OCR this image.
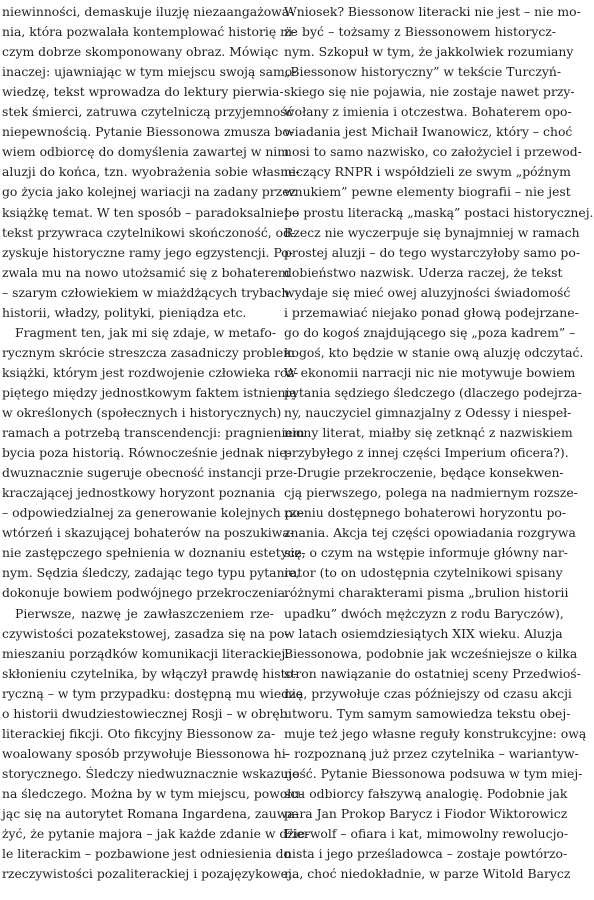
niewinności, demaskuje iluzję niezaangażowa-
nia, która pozwalała kontemplować historię ni-
czym dobrze skomponowany obraz. Mówiąc
inaczej: ujawniając w tym miejscu swoją samo-
wiedzę, tekst wprowadza do lektury pierwia-
stek śmierci, zatruwa czytelniczą przyjemność
niepewnością. Pytanie Biessonowa zmusza bo-
wiem odbiorcę do domyślenia zawartej w nim
aluzji do końca, tzn. wyobrażenia sobie własne-
go życia jako kolejnej wariacji na zadany przez
książkę temat. W ten sposób – paradoksalnie! –
tekst przywraca czytelnikowi skończoność, od-
zyskuje historyczne ramy jego egzystencji. Po-
zwala mu na nowo utożsamić się z bohaterem
– szarym człowiekiem w miażdżących trybach
historii, władzy, polityki, pieniądza etc.
Fragment ten, jak mi się zdaje, w metafo-
rycznym skrócie streszcza zasadniczy problem
książki, którym jest rozdwojenie człowieka roz-
piętego między jednostkowym faktem istnienia
w określonych (społecznych i historycznych)
ramach a potrzebą transcendencji: pragnieniem
bycia poza historią. Równocześnie jednak nie-
dwuznacznie sugeruje obecność instancji prze-
kraczającej jednostkowy horyzont poznania
– odpowiedzialnej za generowanie kolejnych po-
wtórzeń i skazującej bohaterów na poszukiwa-
nie zastępczego spełnienia w doznaniu estetycz-
nym. Sędzia śledczy, zadając tego typu pytanie,
dokonuje bowiem podwójnego przekroczenia.
Pierwsze, nazwę je zawłaszczeniem rze-
czywistości pozatekstowej, zasadza się na po-
mieszaniu porządków komunikacji literackiej:
skłonieniu czytelnika, by włączył prawdę histo-
ryczną – w tym przypadku: dostępną mu wiedzę
o historii dwudziestowiecznej Rosji – w obręb
literackiej fikcji. Oto fikcyjny Biessonow za-
woalowany sposób przywołuje Biessonowa hi-
storycznego. Śledczy niedwuznacznie wskazuje
na śledczego. Można by w tym miejscu, powołu-
jąc się na autorytet Romana Ingardena, zauwa-
żyć, że pytanie majora – jak każde zdanie w dzie-
le literackim – pozbawione jest odniesienia do
rzeczywistości pozaliterackiej i pozajęzykowej.
Wniosek? Biessonow literacki nie jest – nie mo-
że być – tożsamy z Biessonowem historycz-
nym. Szkopuł w tym, że jakkolwiek rozumiany
„Biessonow historyczny” w tekście Turczyń-
skiego się nie pojawia, nie zostaje nawet przy-
wołany z imienia i otczestwa. Bohaterem opo-
wiadania jest Michaił Iwanowicz, który – choć
nosi to samo nazwisko, co założyciel i przewod-
niczący RNPR i współdzieli ze swym „późnym
wnukiem” pewne elementy biografii – nie jest
po prostu literacką „maską” postaci historycznej.
Rzecz nie wyczerpuje się bynajmniej w ramach
prostej aluzji – do tego wystarczyłoby samo po-
dobieństwo nazwisk. Uderza raczej, że tekst
wydaje się mieć owej aluzyjności świadomość
i przemawiać niejako ponad głową podejrzane-
go do kogoś znajdującego się „poza kadrem” –
kogoś, kto będzie w stanie ową aluzję odczytać.
W ekonomii narracji nic nie motywuje bowiem
pytania sędziego śledczego (dlaczego podejrza-
ny, nauczyciel gimnazjalny z Odessy i niespeł-
niony literat, miałby się zetknąć z nazwiskiem
przybyłego z innej części Imperium oficera?).
Drugie przekroczenie, będące konsekwen-
cją pierwszego, polega na nadmiernym rozsze-
rzeniu dostępnego bohaterowi horyzontu po-
znania. Akcja tej części opowiadania rozgrywa
się, o czym na wstępie informuje główny nar-
rator (to on udostępnia czytelnikowi spisany
różnymi charakterami pisma „brulion historii
upadku” dwóch mężczyzn z rodu Baryczów),
w latach osiemdziesiątych XIX wieku. Aluzja
Biessonowa, podobnie jak wcześniejsze o kilka
stron nawiązanie do ostatniej sceny Przedwioś-
nia, przywołuje czas późniejszy od czasu akcji
utworu. Tym samym samowiedza tekstu obej-
muje też jego własne reguły konstrukcyjne: ową
– rozpoznaną już przez czytelnika – wariantyw-
ność. Pytanie Biessonowa podsuwa w tym miej-
scu odbiorcy fałszywą analogię. Podobnie jak
para Jan Prokop Barycz i Fiodor Wiktorowicz
Fierwolf – ofiara i kat, mimowolny rewolucjo-
nista i jego prześladowca – zostaje powtórzo-
na, choć niedokładnie, w parze Witold Barycz
